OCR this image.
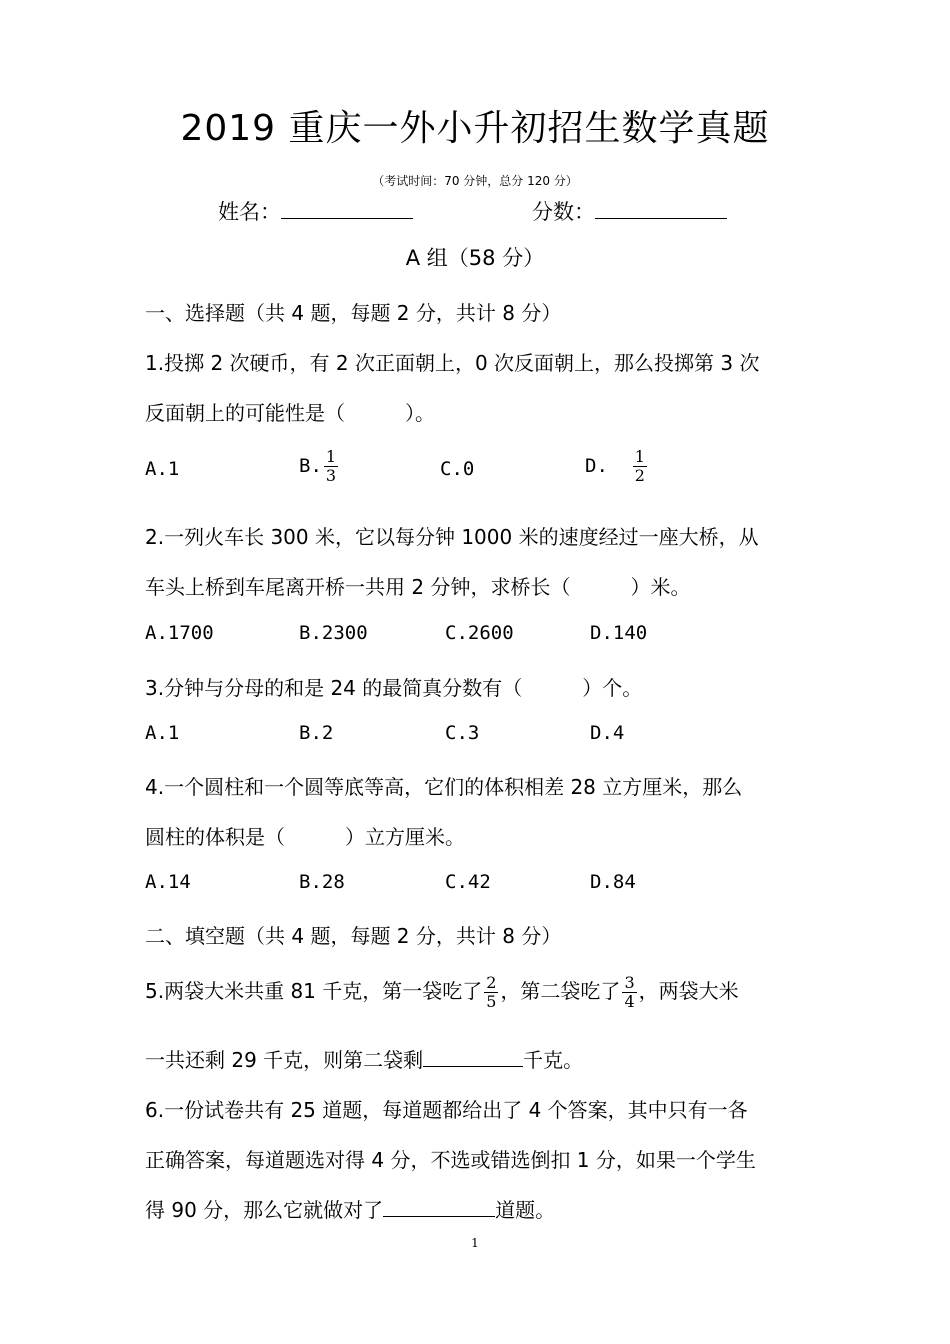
2019 重庆一外小升初招生数学真题
（考试时间：70 分钟，总分 120 分）
姓名：	分数：
A 组（58 分）
一、选择题（共 4 题，每题 2 分，共计 8 分）
1.投掷 2 次硬币，有 2 次正面朝上，0 次反面朝上，那么投掷第 3 次
反面朝上的可能性是（　　　）。
A.1	B. $\frac{1}{3}$	C.0	D. $\frac{1}{2}$
2.一列火车长 300 米，它以每分钟 1000 米的速度经过一座大桥，从
车头上桥到车尾离开桥一共用 2 分钟，求桥长（　　　）米。
A.1700	B.2300	C.2600	D.140
3.分钟与分母的和是 24 的最简真分数有（　　　）个。
A.1	B.2	C.3	D.4
4.一个圆柱和一个圆等底等高，它们的体积相差 28 立方厘米，那么
圆柱的体积是（　　　）立方厘米。
A.14	B.28	C.42	D.84
二、填空题（共 4 题，每题 2 分，共计 8 分）
5.两袋大米共重 81 千克，第一袋吃了 $\frac{2}{5}$ ，第二袋吃了 $\frac{3}{4}$ ，两袋大米
一共还剩 29 千克，则第二袋剩	千克。
6.一份试卷共有 25 道题，每道题都给出了 4 个答案，其中只有一各
正确答案，每道题选对得 4 分，不选或错选倒扣 1 分，如果一个学生
得 90 分，那么它就做对了	道题。
1
